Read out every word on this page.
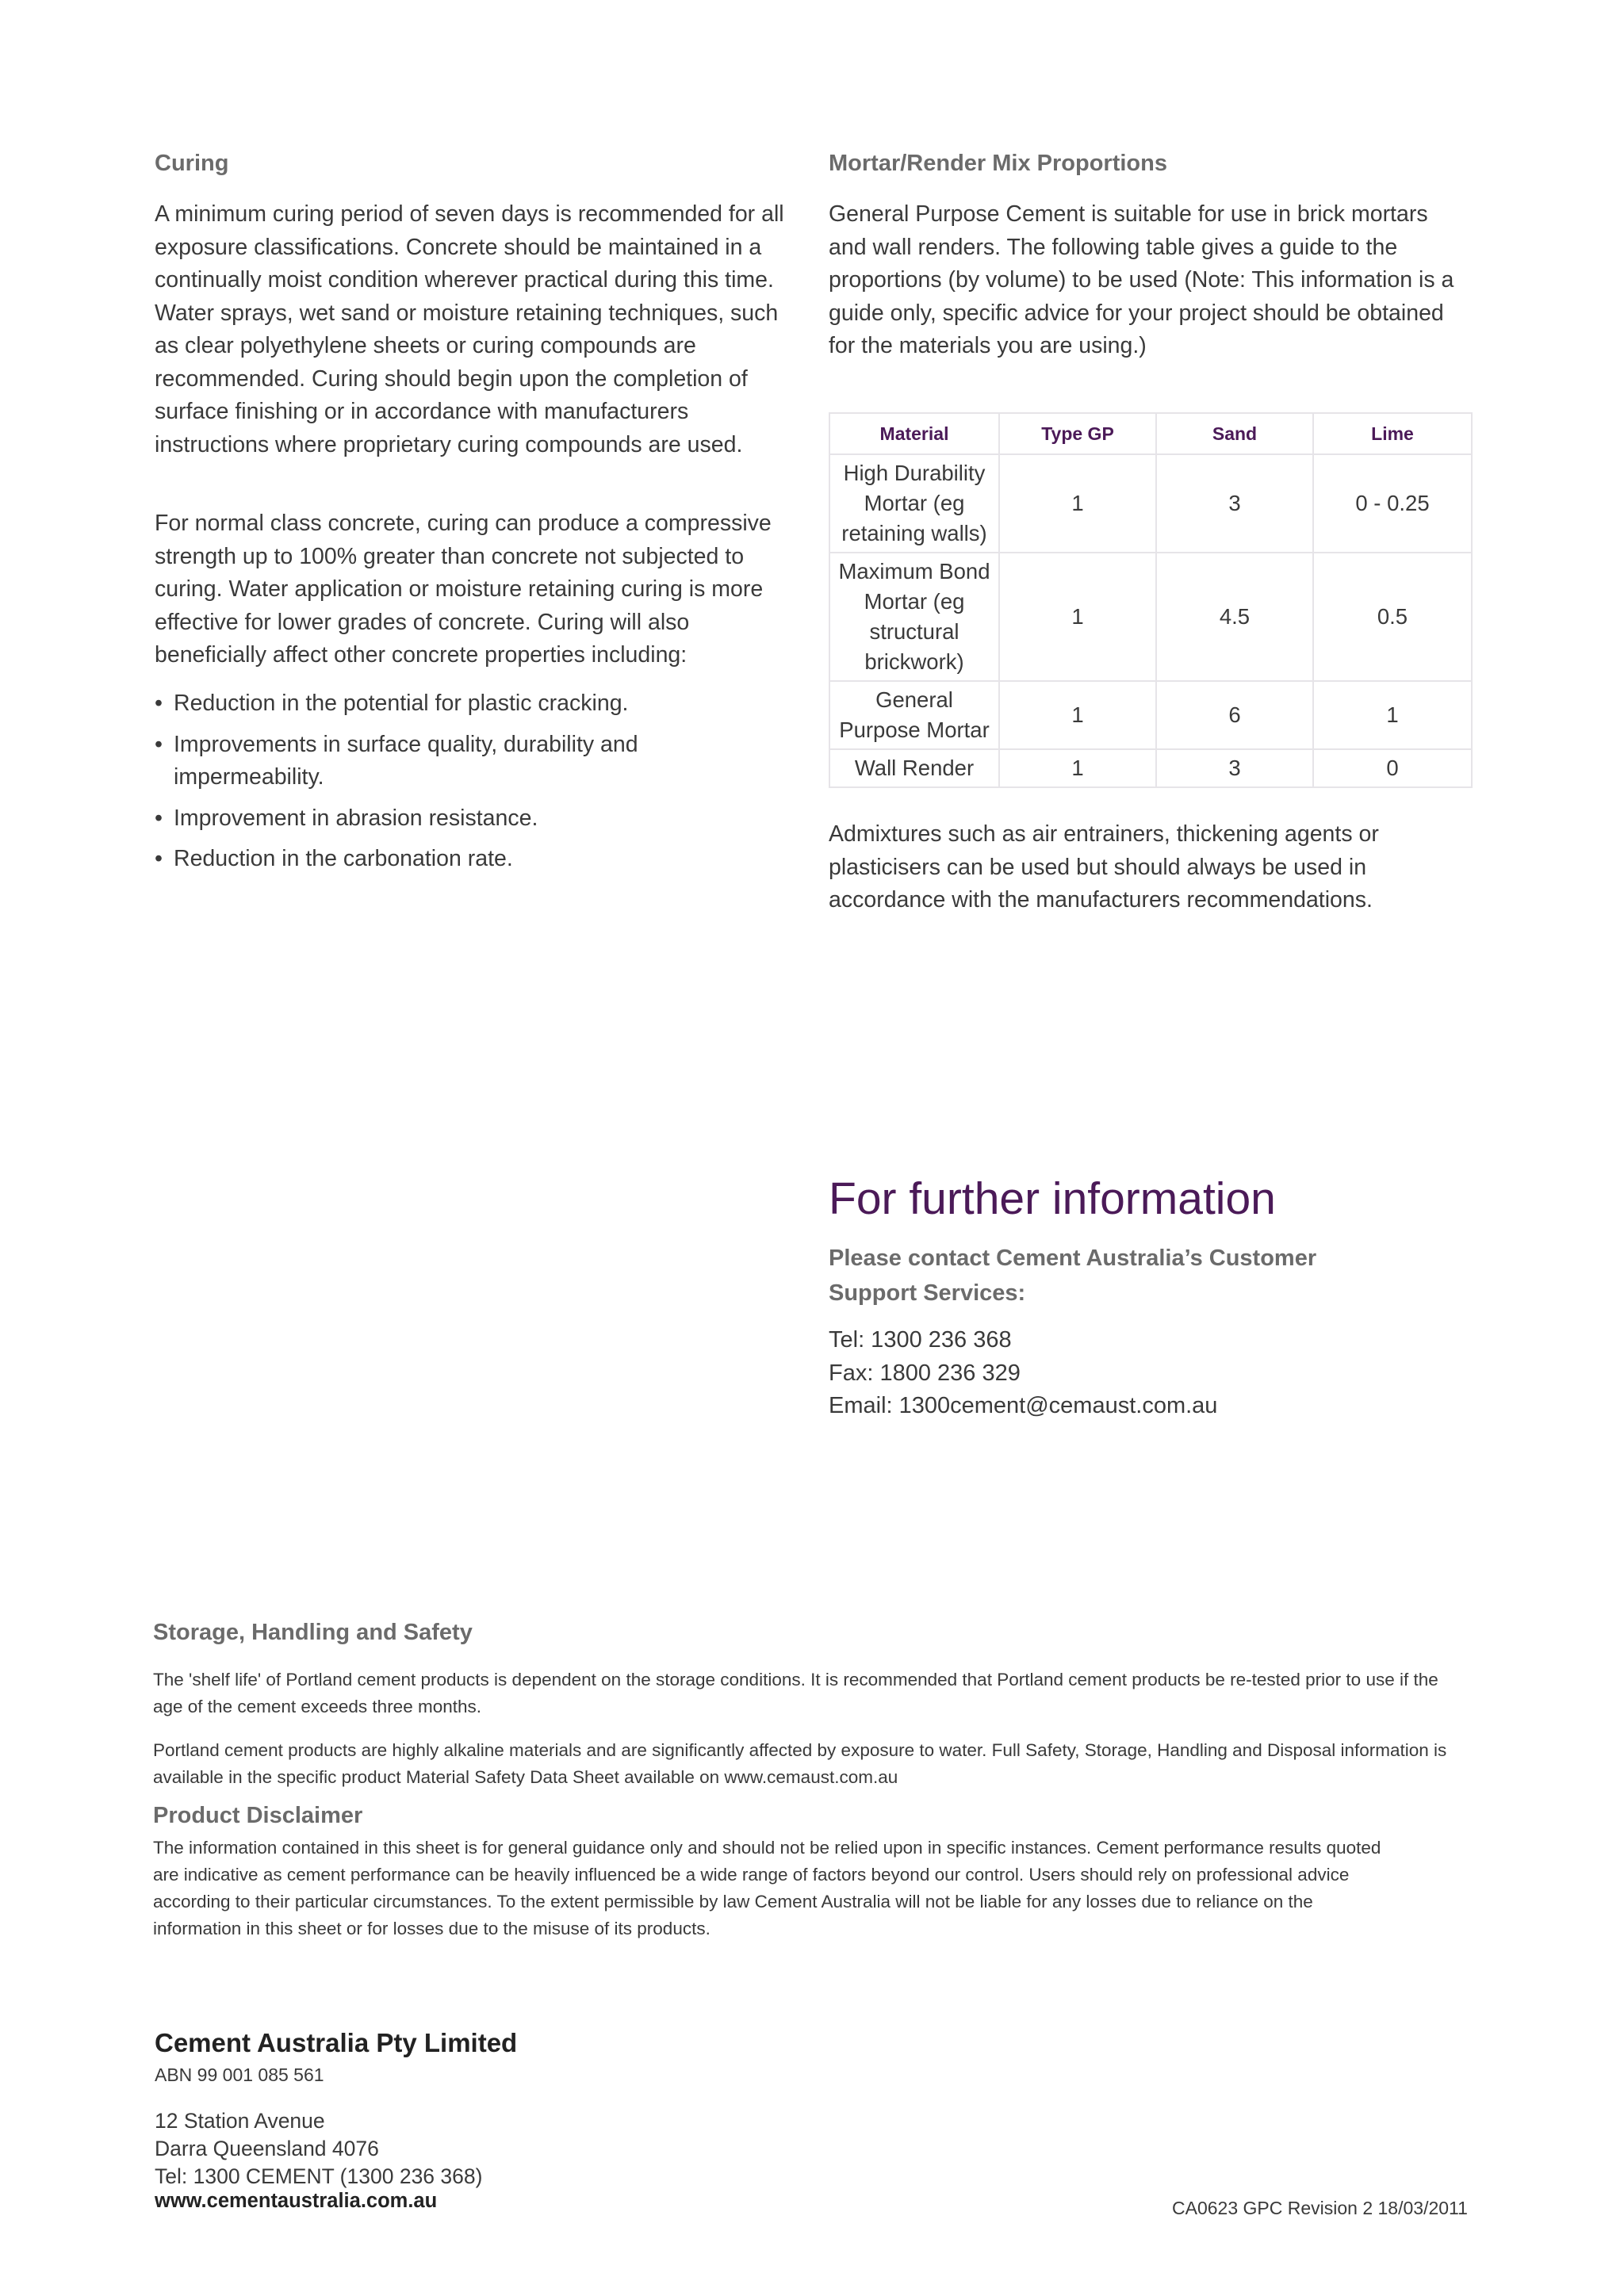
Curing

A minimum curing period of seven days is recommended for all exposure classifications. Concrete should be maintained in a continually moist condition wherever practical during this time. Water sprays, wet sand or moisture retaining techniques, such as clear polyethylene sheets or curing compounds are recommended. Curing should begin upon the completion of surface finishing or in accordance with manufacturers instructions where proprietary curing compounds are used.

For normal class concrete, curing can produce a compressive strength up to 100% greater than concrete not subjected to curing. Water application or moisture retaining curing is more effective for lower grades of concrete. Curing will also beneficially affect other concrete properties including:

• Reduction in the potential for plastic cracking.
• Improvements in surface quality, durability and impermeability.
• Improvement in abrasion resistance.
• Reduction in the carbonation rate.
Mortar/Render Mix Proportions

General Purpose Cement is suitable for use in brick mortars and wall renders. The following table gives a guide to the proportions (by volume) to be used (Note: This information is a guide only, specific advice for your project should be obtained for the materials you are using.)

Material	Type GP	Sand	Lime
High Durability Mortar (eg retaining walls)	1	3	0 - 0.25
Maximum Bond Mortar (eg structural brickwork)	1	4.5	0.5
General Purpose Mortar	1	6	1
Wall Render	1	3	0

Admixtures such as air entrainers, thickening agents or plasticisers can be used but should always be used in accordance with the manufacturers recommendations.

For further information

Please contact Cement Australia’s Customer
Support Services:

Tel: 1300 236 368

Fax: 1800 236 329

Email: 1300cement@cemaust.com.au

Storage, Handling and Safety

The 'shelf life' of Portland cement products is dependent on the storage conditions. It is recommended that Portland cement products be re-tested prior to use if the age of the cement exceeds three months.

Portland cement products are highly alkaline materials and are significantly affected by exposure to water. Full Safety, Storage, Handling and Disposal information is available in the specific product Material Safety Data Sheet available on www.cemaust.com.au

Product Disclaimer

The information contained in this sheet is for general guidance only and should not be relied upon in specific instances. Cement performance results quoted are indicative as cement performance can be heavily influenced be a wide range of factors beyond our control. Users should rely on professional advice according to their particular circumstances. To the extent permissible by law Cement Australia will not be liable for any losses due to reliance on the information in this sheet or for losses due to the misuse of its products.

Cement Australia Pty Limited

ABN 99 001 085 561

12 Station Avenue

Darra Queensland 4076

Tel: 1300 CEMENT (1300 236 368)

www.cementaustralia.com.au	CA0623 GPC Revision 2 18/03/2011
